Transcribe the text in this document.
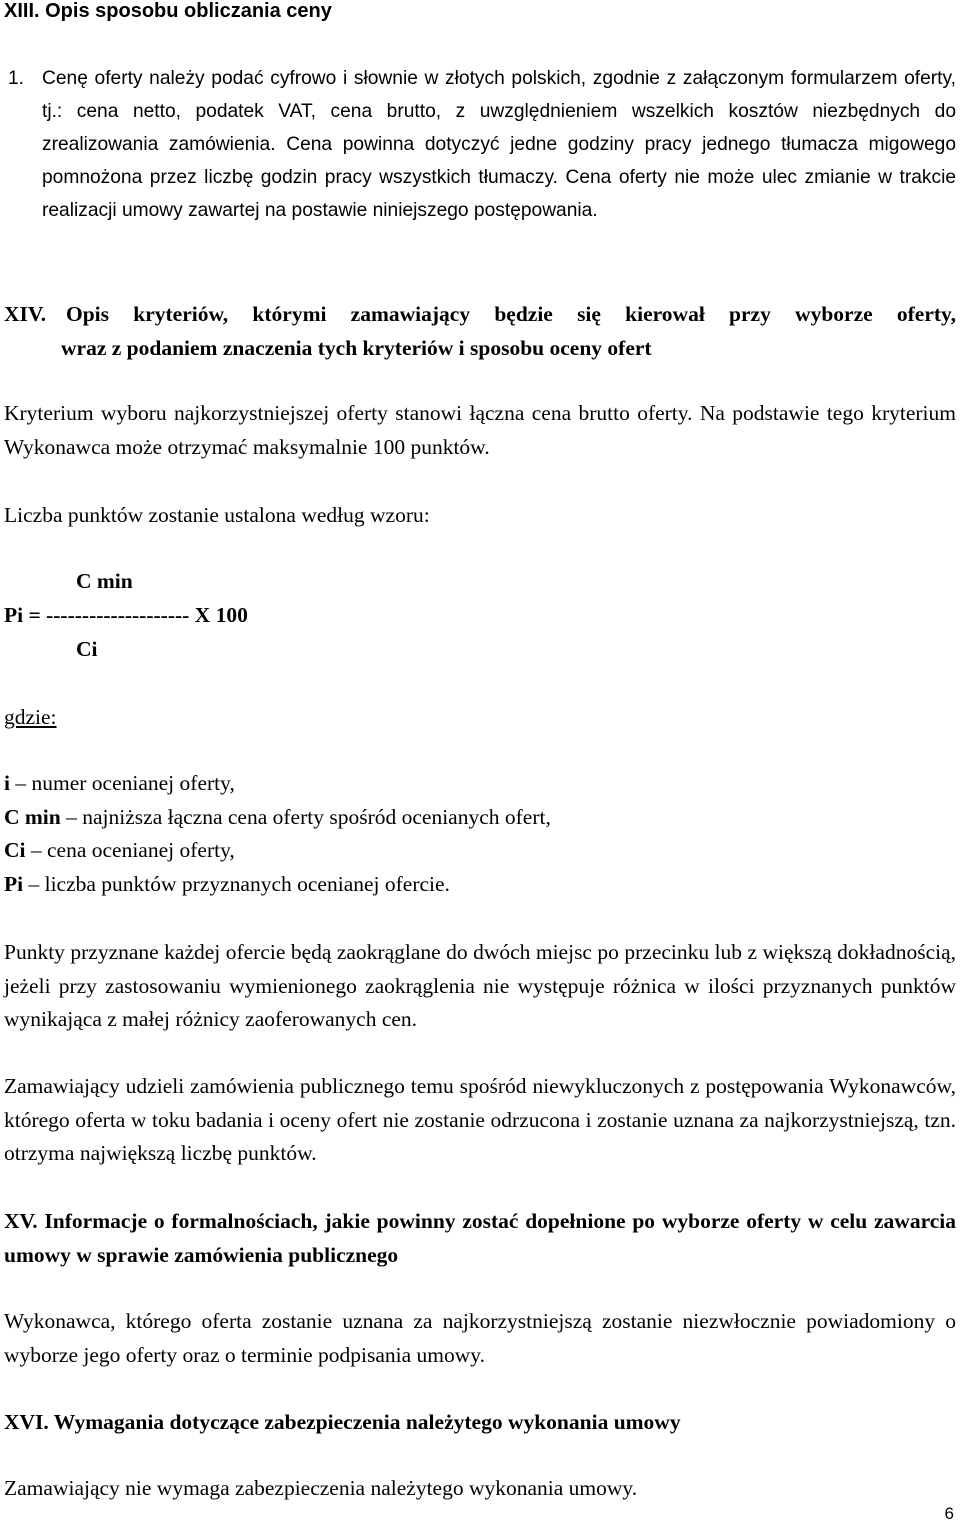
XIII. Opis sposobu obliczania ceny
1. Cenę oferty należy podać cyfrowo i słownie w złotych polskich, zgodnie z załączonym formularzem oferty, tj.: cena netto, podatek VAT, cena brutto, z uwzględnieniem wszelkich kosztów niezbędnych do zrealizowania zamówienia. Cena powinna dotyczyć jedne godziny pracy jednego tłumacza migowego pomnożona przez liczbę godzin pracy wszystkich tłumaczy. Cena oferty nie może ulec zmianie w trakcie realizacji umowy zawartej na postawie niniejszego postępowania.
XIV. Opis kryteriów, którymi zamawiający będzie się kierował przy wyborze oferty,
wraz z podaniem znaczenia tych kryteriów i sposobu oceny ofert
Kryterium wyboru najkorzystniejszej oferty stanowi łączna cena brutto oferty. Na podstawie tego kryterium Wykonawca może otrzymać maksymalnie 100 punktów.
Liczba punktów zostanie ustalona według wzoru:
C min
Pi = -------------------- X 100
Ci
gdzie:
i – numer ocenianej oferty,
C min – najniższa łączna cena oferty spośród ocenianych ofert,
Ci – cena ocenianej oferty,
Pi – liczba punktów przyznanych ocenianej ofercie.
Punkty przyznane każdej ofercie będą zaokrąglane do dwóch miejsc po przecinku lub z większą dokładnością, jeżeli przy zastosowaniu wymienionego zaokrąglenia nie występuje różnica w ilości przyznanych punktów wynikająca z małej różnicy zaoferowanych cen.
Zamawiający udzieli zamówienia publicznego temu spośród niewykluczonych z postępowania Wykonawców, którego oferta w toku badania i oceny ofert nie zostanie odrzucona i zostanie uznana za najkorzystniejszą, tzn. otrzyma największą liczbę punktów.
XV. Informacje o formalnościach, jakie powinny zostać dopełnione po wyborze oferty w celu zawarcia umowy w sprawie zamówienia publicznego
Wykonawca, którego oferta zostanie uznana za najkorzystniejszą zostanie niezwłocznie powiadomiony o wyborze jego oferty oraz o terminie podpisania umowy.
XVI. Wymagania dotyczące zabezpieczenia należytego wykonania umowy
Zamawiający nie wymaga zabezpieczenia należytego wykonania umowy.
6
